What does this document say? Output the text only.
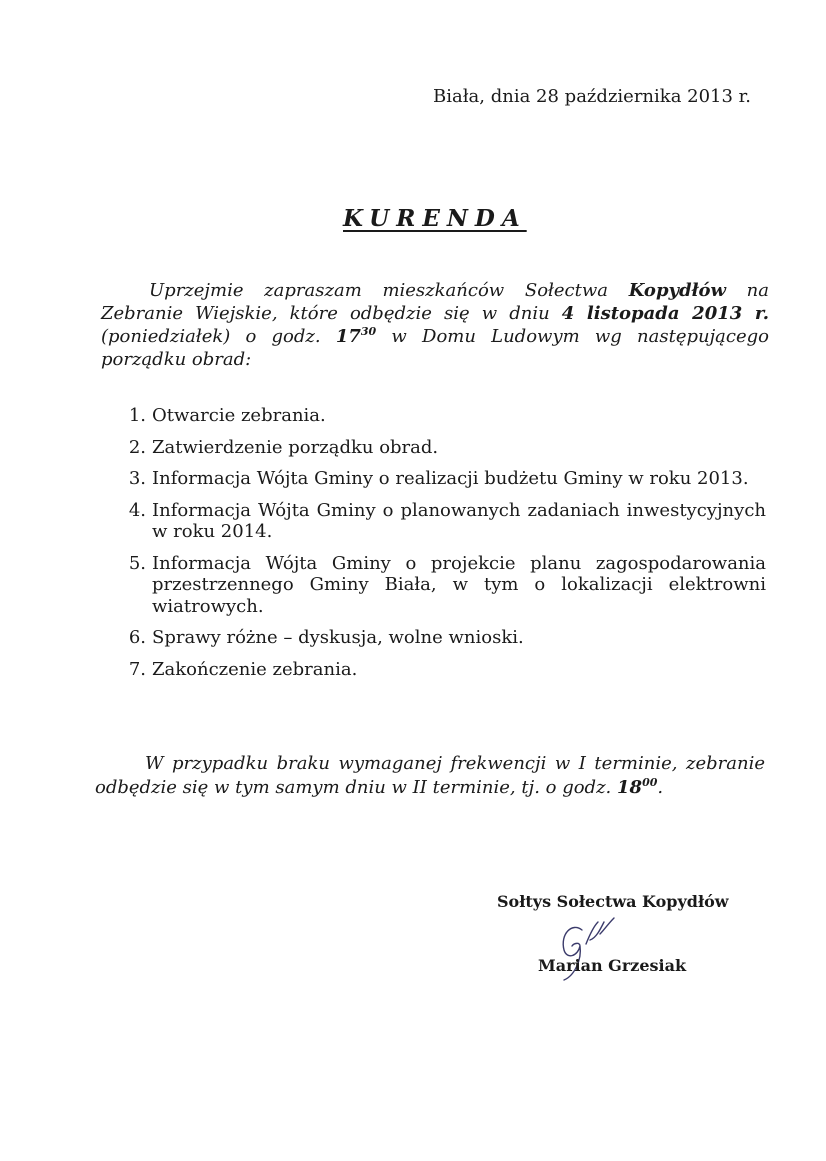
Biała, dnia 28 października 2013 r.
KURENDA
Uprzejmie zapraszam mieszkańców Sołectwa Kopydłów na Zebranie Wiejskie, które odbędzie się w dniu 4 listopada 2013 r. (poniedziałek) o godz. $17^{30}$ w Domu Ludowym wg następującego porządku obrad:
1. Otwarcie zebrania.
2. Zatwierdzenie porządku obrad.
3. Informacja Wójta Gminy o realizacji budżetu Gminy w roku 2013.
4. Informacja Wójta Gminy o planowanych zadaniach inwestycyjnych w roku 2014.
5. Informacja Wójta Gminy o projekcie planu zagospodarowania przestrzennego Gminy Biała, w tym o lokalizacji elektrowni wiatrowych.
6. Sprawy różne – dyskusja, wolne wnioski.
7. Zakończenie zebrania.
W przypadku braku wymaganej frekwencji w I terminie, zebranie odbędzie się w tym samym dniu w II terminie, tj. o godz. $18^{00}$.
Sołtys Sołectwa Kopydłów
Marian Grzesiak
